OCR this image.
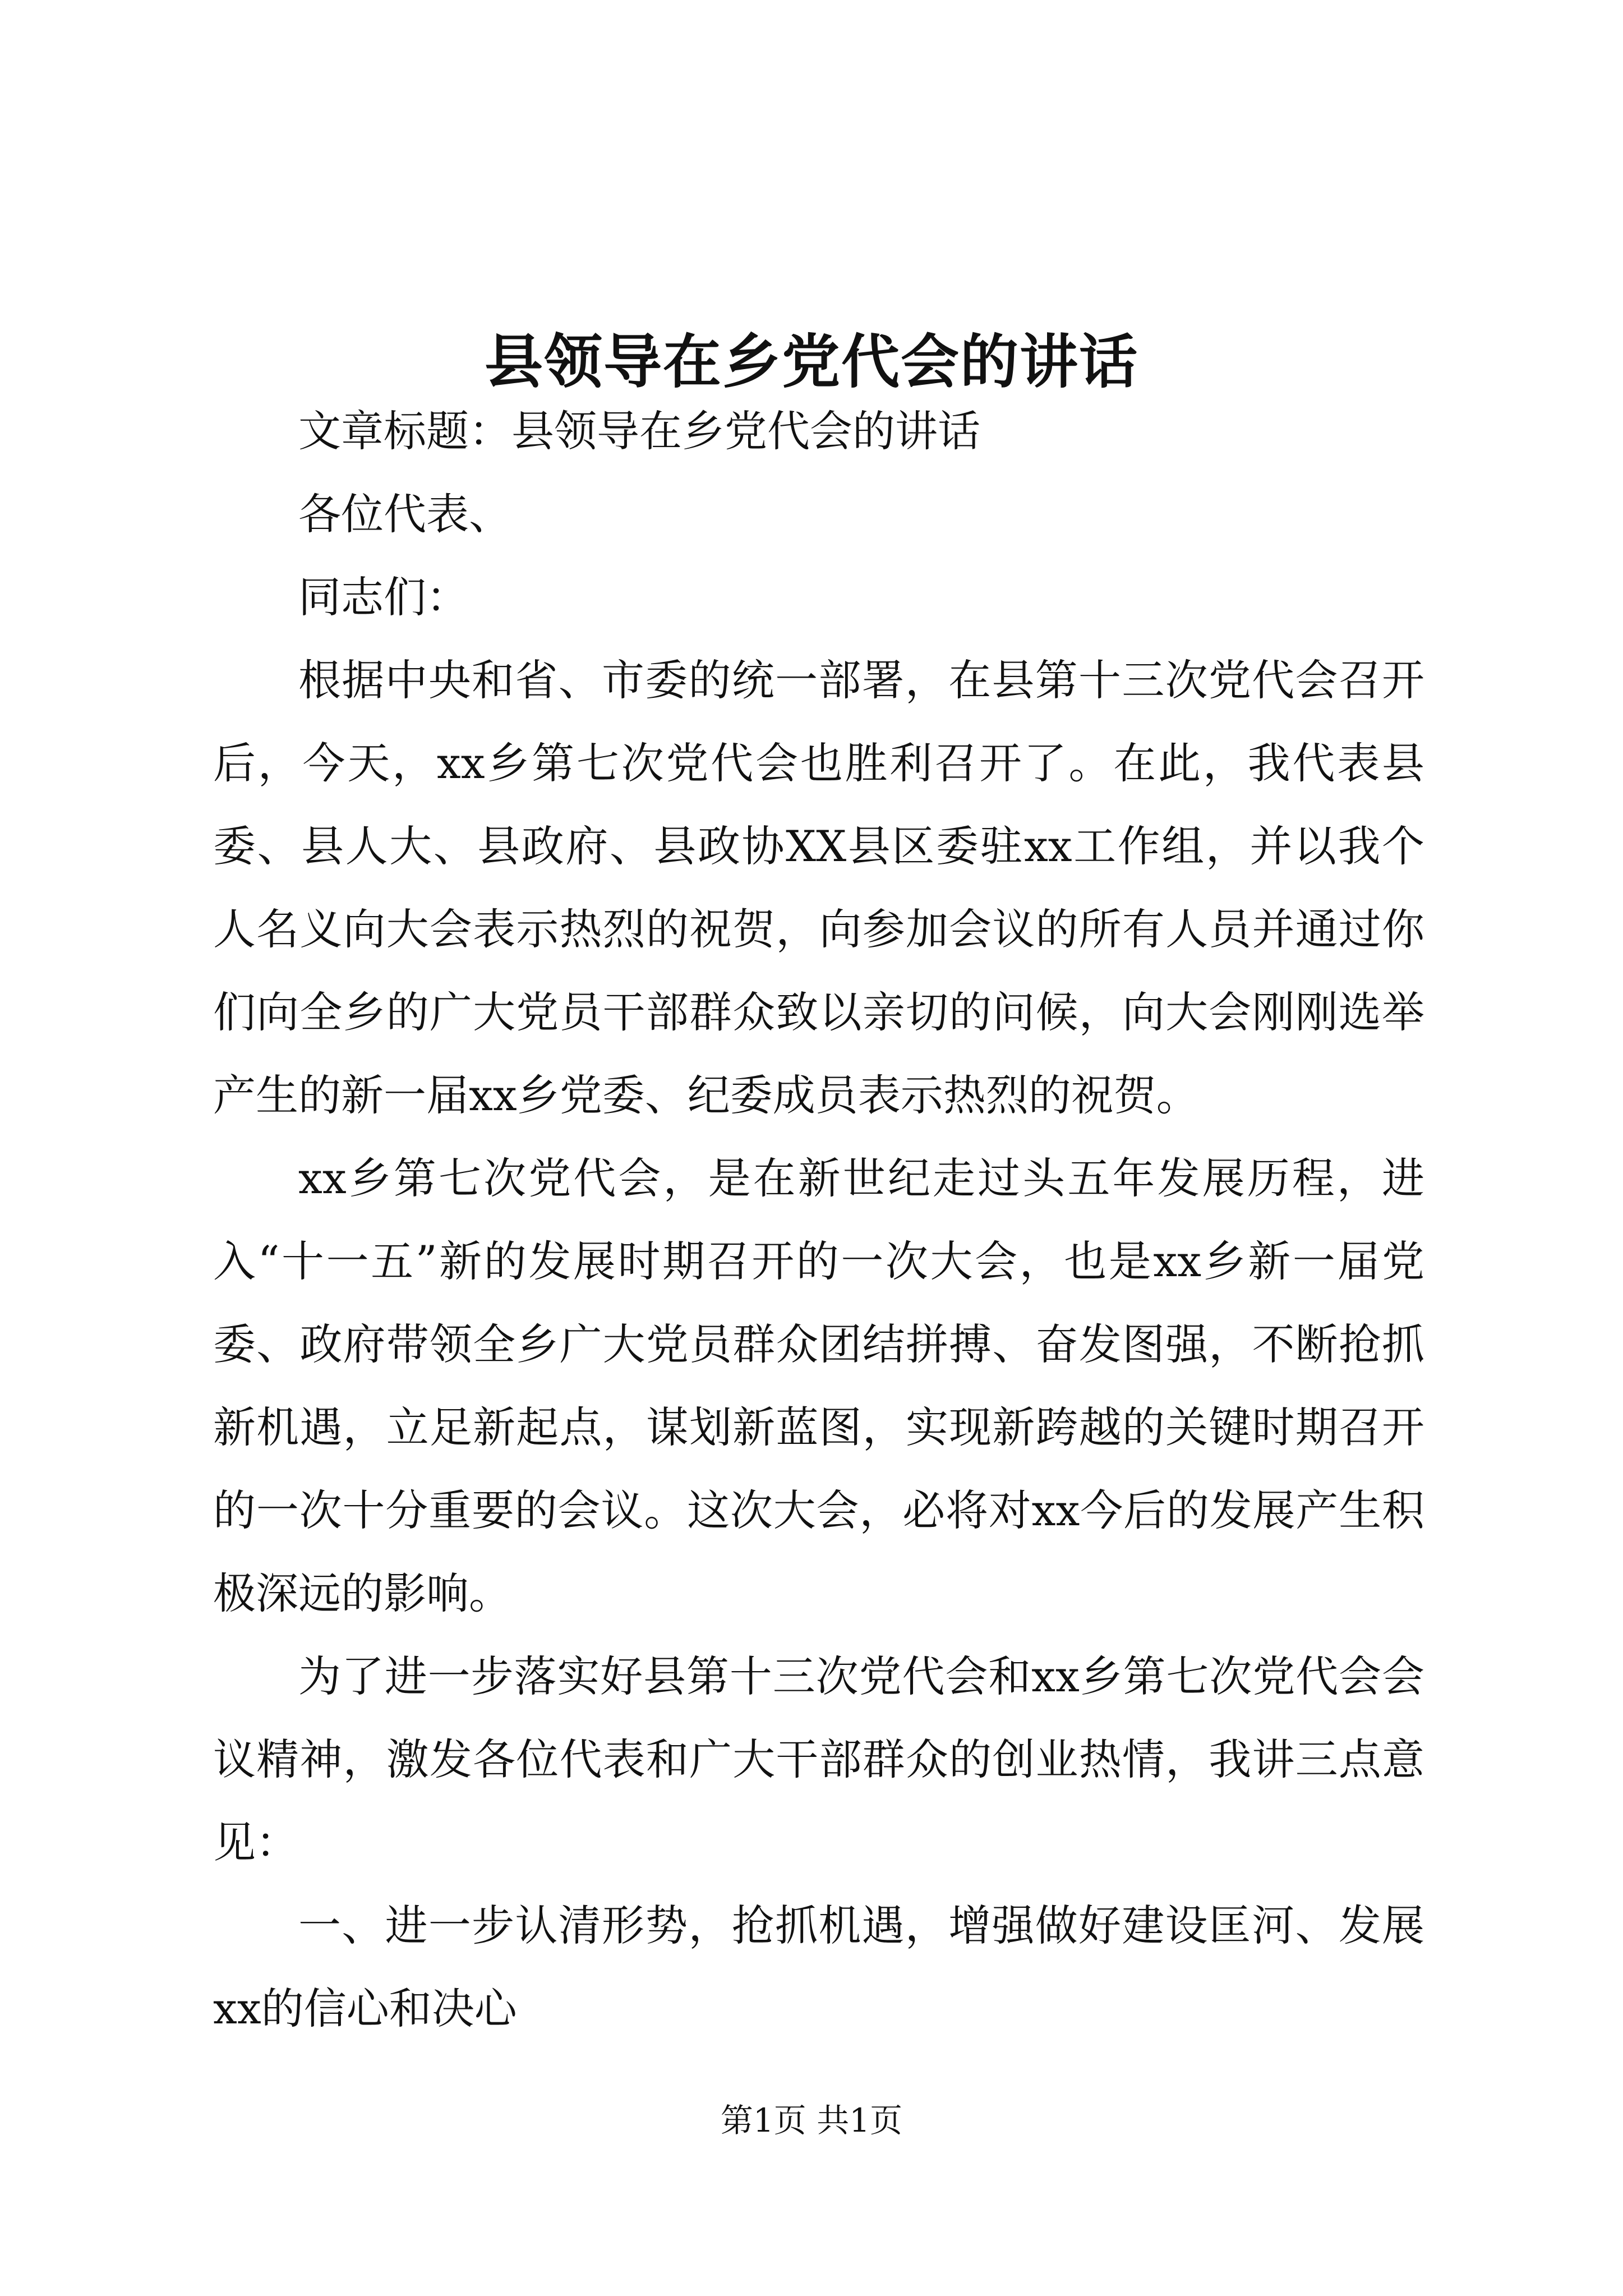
县领导在乡党代会的讲话

文章标题：县领导在乡党代会的讲话

各位代表、

同志们：

根据中央和省、市委的统一部署，在县第十三次党代会召开后，今天，xx乡第七次党代会也胜利召开了。在此，我代表县委、县人大、县政府、县政协XX县区委驻xx工作组，并以我个人名义向大会表示热烈的祝贺，向参加会议的所有人员并通过你们向全乡的广大党员干部群众致以亲切的问候，向大会刚刚选举产生的新一届xx乡党委、纪委成员表示热烈的祝贺。

xx乡第七次党代会，是在新世纪走过头五年发展历程，进入“十一五”新的发展时期召开的一次大会，也是xx乡新一届党委、政府带领全乡广大党员群众团结拼搏、奋发图强，不断抢抓新机遇，立足新起点，谋划新蓝图，实现新跨越的关键时期召开的一次十分重要的会议。这次大会，必将对xx今后的发展产生积极深远的影响。

为了进一步落实好县第十三次党代会和xx乡第七次党代会会议精神，激发各位代表和广大干部群众的创业热情，我讲三点意见：

一、进一步认清形势，抢抓机遇，增强做好建设匡河、发展xx的信心和决心

第1页 共1页
